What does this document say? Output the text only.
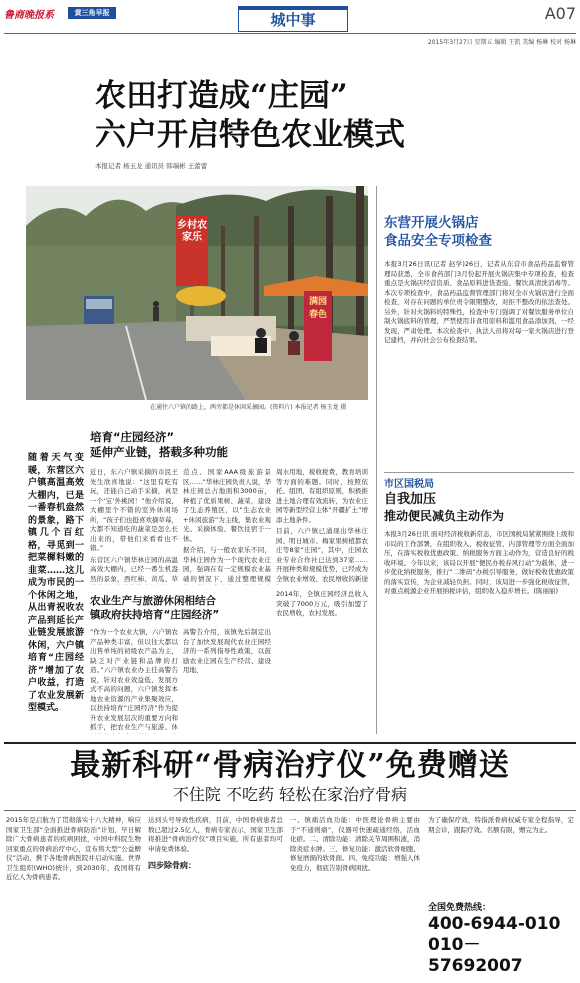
鲁商晚报系	黄三角早报	城中事	A07
2015年3月27日 星期五 编辑 王凯 美编 杨琳 校对 杨琳
农田打造成“庄园”
六户开启特色农业模式
本报记者 杨玉龙 通讯员 韩瑞彬 王蕾蕾
乡村农家乐
满园春色
在通往六户镇的路上，两旁都是休闲采摘园。(资料片) 本报记者 杨玉龙 摄
随着天气变暖，东营区六户镇高温高效大棚内，已是一番春机盎然的景象，路下镇几个百红格，寻觅到一把菜樨料嫩的韭菜……这儿成为市民的一个休闲之地，从出青祝收农产品到延长产业链发展旅游休闲，六户镇培育“庄园经济”增加了农户收益，打造了农业发展新型模式。
培育“庄园经济”
延伸产业链，搭载多种功能

近日，东六户镇采摘的市民王先生欣喜地说：“这里有吃有玩，还能自己动手采摘，真是一个‘宝’外桃园！”他介绍说，大棚里个不错的室外休闲场所，“孩子们也挺喜欢摘草莓，大都不知道吃的蔬菜是怎么长出来的，带他们来看看也不错。”

东营区六户镇华林庄园的高温高效大棚内，已经一番生机盎然的景象，西红柿、黄瓜、草

范点、国家AAA级旅游景区……”华林庄园负责人说，华林庄园总占地面积3000亩，种植了优质果树、蔬菜，建设了生态养殖区，以“生态农业+休闲旅游”为主线，集农业观光、采摘体验、餐饮住宿于一体。

据介绍，与一般农家乐不同，华林庄园作为一个现代农业庄园，强调在有一定规模农业基础的情况下，通过整理规模

周水用地，税收税费，教育培训等方面的难题。同时，按照依托、组团、有组织原则，积极推进土地合理有效流转，为农业庄园等新型经营主体“开疆扩土”增添土地条件。

目前，六户镇已涌现出华林庄园、明日城市、梅家果树植都农庄等8家“庄园”，其中，庄园农业专业合作社已达到37家……开展种类和规模优势，已经成为全镇农业增效、农民增收的新途

农业生产与旅游休闲相结合
镇政府扶持培育“庄园经济”

“作为一个农业大镇，六户镇农产品种类丰富，但以往大都以出售单纯的初级农产品为主，缺乏对产业链和品牌的打造。”六户镇农业办主任高警告说，针对农业效益低、发展方式不高的问题，六户镇发挥本地农业资源的产业集聚效应，以扶持培育“庄园经济”作为提升农业发展层次的重要方向和抓手，把农业生产与旅游、休

高警告介绍，该镇先后制定出台了加快发展现代农业庄园经济的一系列指导性政策，以鼓励农业庄园在生产经营、建设用地、

2014年，全镇庄园经济总收入突破了7000万元，吸引加盟了农民增收，农村发展。

东营开展火锅店
食品安全专项检查
本报3月26日讯(记者 赵学)26日，记者从东营市食品药品监督管理局获悉，全市食药部门3月份起开展火锅店集中专项检查，检查重点是火锅店经营资质、食品原料进货查验、餐饮具清洗消毒等。本次专项检查中，食品药品监督管理部门将对全市火锅店进行全面检查，对存在问题的单位责令限期整改，对拒不整改的依法查处。另外，针对火锅料的特殊性，检查中专门强调了对餐饮服务单位自制火锅底料的管理，严禁使用非食用原料和滥用食品添加剂，一经发现，严肃处理。本次检查中，执法人员将对每一家火锅店进行登记建档，并向社会公布检查结果。
市区国税局
自我加压
推动便民减负主动作为
本报3月26日讯 面对经济税收新常态，市区国税局紧紧围绕上级和市局的工作部署，在组织收入、税收征管、内部管理等方面全面加压，在落实税收优惠政策、纳税服务方面主动作为，营造良好的税收环境。今年以来，该局以开展“便民办税春风行动”为载体，进一步优化纳税服务，推行“二维码”办税引导服务，做好税收优惠政策的落实宣传，为企业减轻负担。同时，该局进一步强化税收征管，对重点税源企业开展纳税评估，组织收入稳步增长。(陈丽丽)
最新科研“骨病治疗仪”免费赠送
不住院 不吃药 轻松在家治疗骨病
2015年是启航为了贯彻落实十八大精神，响应国家卫生部“全面推进骨病防治”计划，早日解除广大骨病患者的疾病困扰，中国中科院生物回家重点的骨病治疗中心，宣布将大型“公益赠仪”活动，携手各地骨病医院并启动实施。世界卫生组织(WHO)统计，到2030年，我国将有近亿人为骨病患者。
达到头号导致性疾病，目前，中国骨病患者总数已超过2.5亿人，骨病专家表示，国家卫生部将推进“骨病治疗仪”项目实施，所有患者均可申请免费体验。
四步除骨病：
一、镇痛活血功能：中医理论骨病主要由于“不通则痛”，仪器可快速疏通经络，活血化瘀。二、清除功能：清除关节周围积液，消除炎症水肿。三、修复功能：激活软骨细胞，修复磨损的软骨面。四、免疫功能：增强人体免疫力，彻底告别骨病困扰。
为了确保疗效，特指派骨病权威专家全程指导，定期会诊，跟踪疗效。名额有限，赠完为止。
全国免费热线：
400-6944-010
010－57692007
